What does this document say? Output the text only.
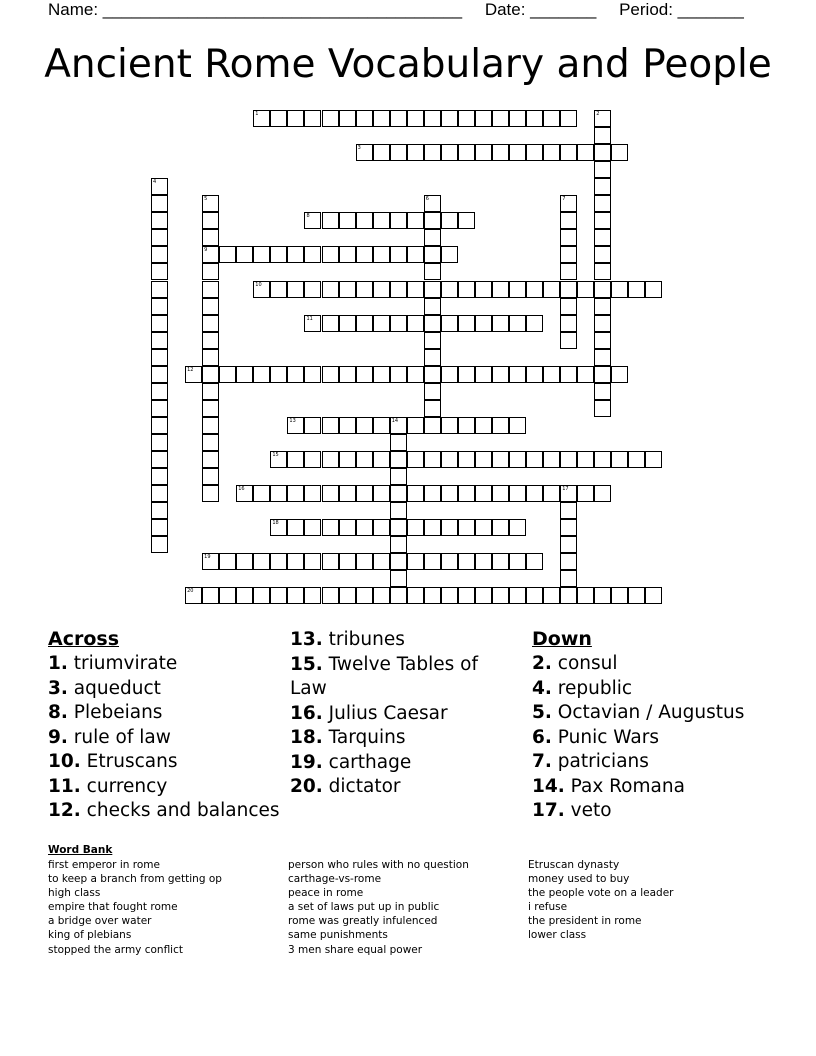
Name: ______________________________________ Date: _______ Period: _______
Ancient Rome Vocabulary and People
1	2
3
4
5
9
6	7
8
10
11
12
13	14
15
16	17
18
19
20
Across
1. triumvirate
3. aqueduct
8. Plebeians
9. rule of law
10. Etruscans
11. currency
12. checks and balances
13. tribunes
15. Twelve Tables of Law
16. Julius Caesar
18. Tarquins
19. carthage
20. dictator
Down
2. consul
4. republic
5. Octavian / Augustus
6. Punic Wars
7. patricians
14. Pax Romana
17. veto
Word Bank
first emperor in rome
to keep a branch from getting op
high class
empire that fought rome
a bridge over water
king of plebians
stopped the army conflict
person who rules with no question
carthage-vs-rome
peace in rome
a set of laws put up in public
rome was greatly infulenced
same punishments
3 men share equal power
Etruscan dynasty
money used to buy
the people vote on a leader
i refuse
the president in rome
lower class
